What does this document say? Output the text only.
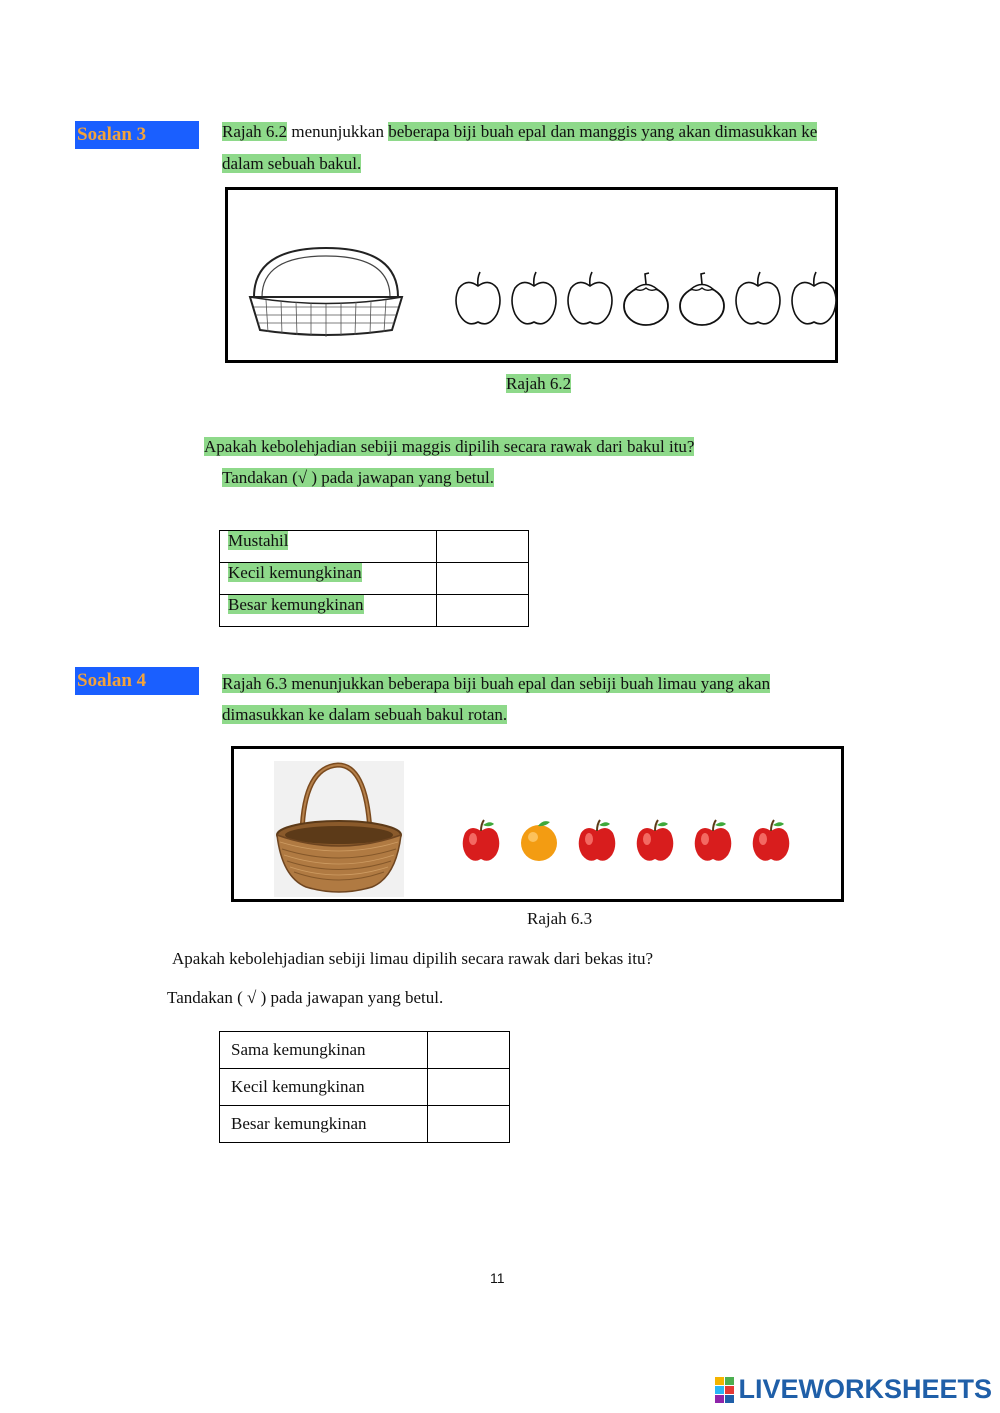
Soalan 3	Rajah 6.2 menunjukkan beberapa biji buah epal dan manggis yang akan dimasukkan ke
dalam sebuah bakul.
Rajah 6.2
Apakah kebolehjadian sebiji maggis dipilih secara rawak dari bakul itu?
Tandakan (√ ) pada jawapan yang betul.
Mustahil	
Kecil kemungkinan	
Besar kemungkinan	
Soalan 4	Rajah 6.3 menunjukkan beberapa biji buah epal dan sebiji buah limau yang akan
dimasukkan ke dalam sebuah bakul rotan.
Rajah 6.3
Apakah kebolehjadian sebiji limau dipilih secara rawak dari bekas itu?
Tandakan ( √ ) pada jawapan yang betul.
Sama kemungkinan	
Kecil kemungkinan	
Besar kemungkinan	
11
LIVEWORKSHEETS
